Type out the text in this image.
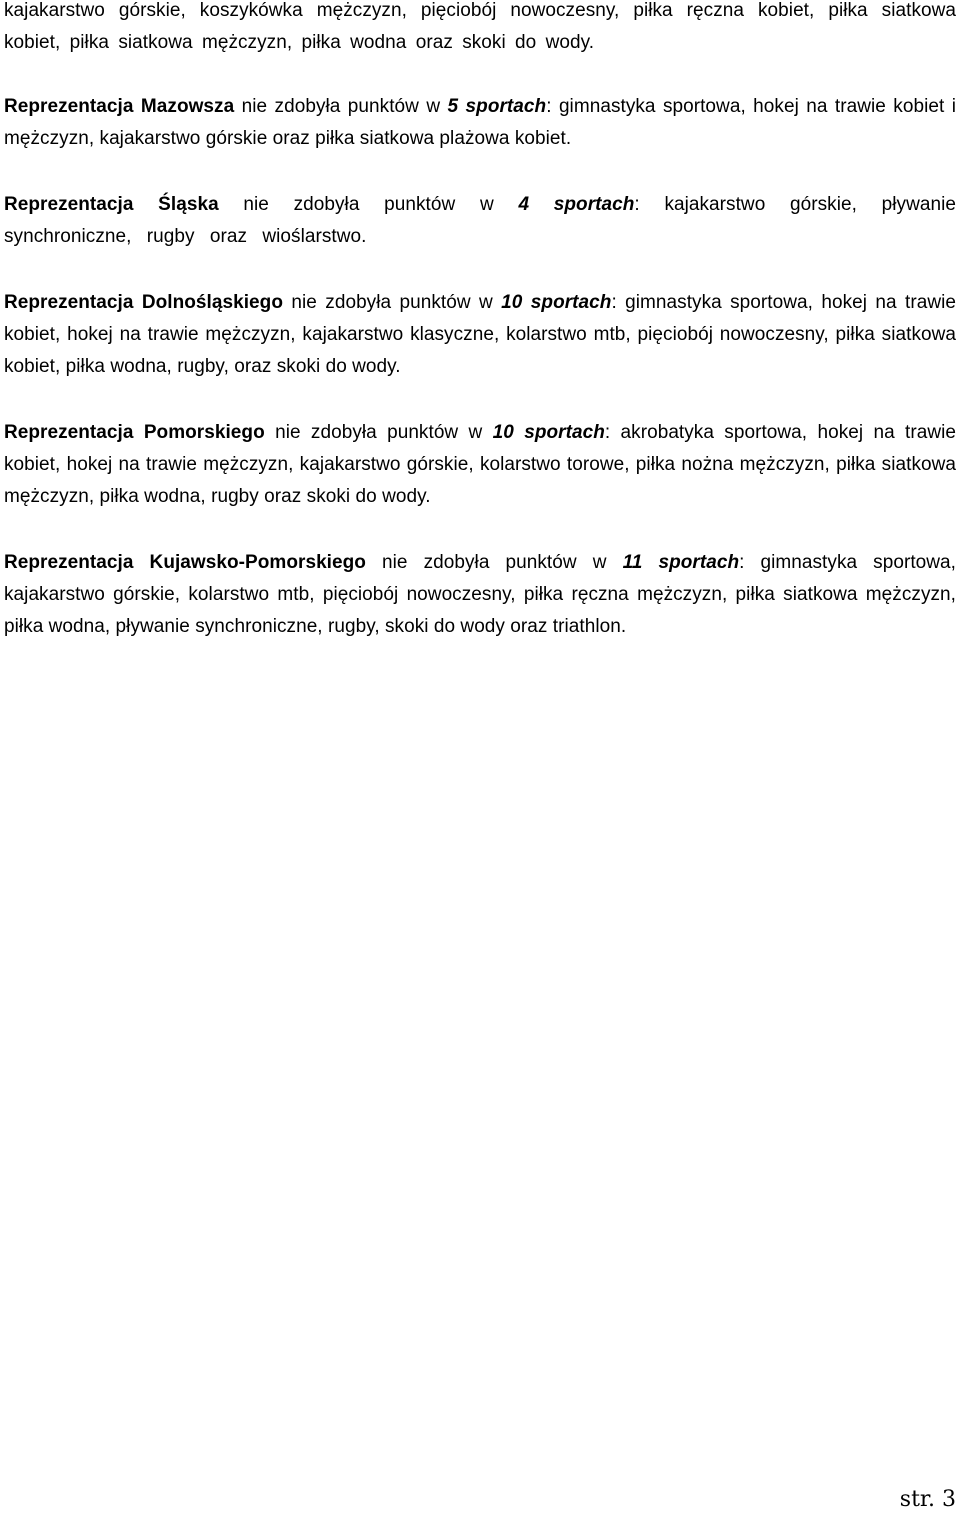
kajakarstwo górskie, koszykówka mężczyzn, pięciobój nowoczesny, piłka ręczna kobiet, piłka siatkowa kobiet, piłka siatkowa mężczyzn, piłka wodna oraz skoki do wody.

Reprezentacja Mazowsza nie zdobyła punktów w 5 sportach: gimnastyka sportowa, hokej na trawie kobiet i mężczyzn, kajakarstwo górskie oraz piłka siatkowa plażowa kobiet.

Reprezentacja Śląska nie zdobyła punktów w 4 sportach: kajakarstwo górskie, pływanie synchroniczne, rugby oraz wioślarstwo.

Reprezentacja Dolnośląskiego nie zdobyła punktów w 10 sportach: gimnastyka sportowa, hokej na trawie kobiet, hokej na trawie mężczyzn, kajakarstwo klasyczne, kolarstwo mtb, pięciobój nowoczesny, piłka siatkowa kobiet, piłka wodna, rugby, oraz skoki do wody.

Reprezentacja Pomorskiego nie zdobyła punktów w 10 sportach: akrobatyka sportowa, hokej na trawie kobiet, hokej na trawie mężczyzn, kajakarstwo górskie, kolarstwo torowe, piłka nożna mężczyzn, piłka siatkowa mężczyzn, piłka wodna, rugby oraz skoki do wody.

Reprezentacja Kujawsko-Pomorskiego nie zdobyła punktów w 11 sportach: gimnastyka sportowa, kajakarstwo górskie, kolarstwo mtb, pięciobój nowoczesny, piłka ręczna mężczyzn, piłka siatkowa mężczyzn, piłka wodna, pływanie synchroniczne, rugby, skoki do wody oraz triathlon.

str. 3
